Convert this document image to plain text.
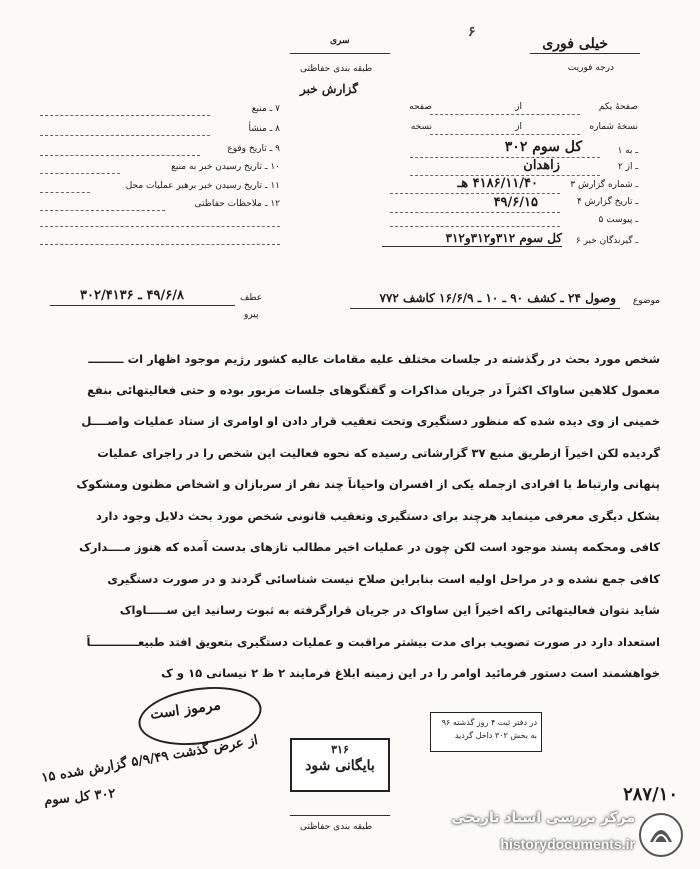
خیلی فوری
درجه فوریت
سری
طبقه بندی حفاظتی
گزارش خبر
۶
صفحهٔ یکم
از
صفحه
نسخهٔ شماره
از
نسخه
۱ ـ به
کل سوم ۳۰۲
۲ ـ از
زاهدان
۳ ـ شماره گزارش
۴۱۸۶/۱۱/۴۰ هـ
۴ ـ تاریخ گزارش
۴۹/۶/۱۵
۵ ـ پیوست
۶ ـ گیرندگان خبر
کل سوم ۳۱۲و۳۱۲و۳۱۲
۷ ـ منبع
۸ ـ منشأ
۹ ـ تاریخ وقوع
۱۰ ـ تاریخ رسیدن خبر به منبع
۱۱ ـ تاریخ رسیدن خبر برهبر عملیات محل
۱۲ ـ ملاحظات حفاظتی
عطف
۴۹/۶/۸ ـ ۳۰۲/۴۱۳۶
پیرو
موضوع
وصول ۲۴ ـ کشف ۹۰ ـ ۱۰ ـ ۱۶/۶/۹ کاشف ۷۷۲
شخص مورد بحث در رگذشته در جلسات مختلف علیه مقامات عالیه کشور رژیم موجود اظهار ات ـــــــــ
معمول کلاهین ساواک اکثراً در جریان مذاکرات و گفتگوهای جلسات مزبور بوده و حتی فعالیتهائی بنفع
خمینی از وی دیده شده که منظور دستگیری وتحت تعقیب قرار دادن او اوامری از ستاد عملیات واصــــل
گردیده لکن اخیراً ازطریق منبع ۳۷ گزارشاتی رسیده که نحوه فعالیت این شخص را در راجرای عملیات
پنهانی وارتباط با افرادی ازجمله یکی از افسران واحیاناً چند نفر از سربازان و اشخاص مظنون ومشکوک
بشکل دیگری معرفی مینماید هرچند برای دستگیری وتعقیب قانونی شخص مورد بحث دلایل وجود دارد
کافی ومحکمه پسند موجود است لکن چون در عملیات اخیر مطالب تازهای بدست آمده که هنوز مــــدارک
کافی جمع نشده و در مراحل اولیه است بنابراین صلاح نیست شناسائی گردند و در صورت دستگیری
شاید نتوان فعالیتهائی راکه اخیراً این ساواک در جریان قرارگرفته به ثبوت رسانید این ســـــاواک
استعداد دارد در صورت تصویب برای مدت بیشتر مراقبت و عملیات دستگیری بتعویق افتد طبیعــــــــــــاً
خواهشمند است دستور فرمائید اوامر را در این زمینه ابلاغ فرمایند ۲ ظ ۲ نیسانی ۱۵ و ک
مرموز است
از عرض گذشت ۵/۹/۴۹ گزارش شده ۱۵
۳۰۲ کل سوم
در دفتر ثبت ۴ روز گذشته ۹۶
به بخش ۳۰۲ داخل گردید
۳۱۶
بایگانی شود
۲۸۷/۱۰
طبقه بندی حفاظتی
مرکز بررسی اسناد تاریخی
historydocuments.ir
